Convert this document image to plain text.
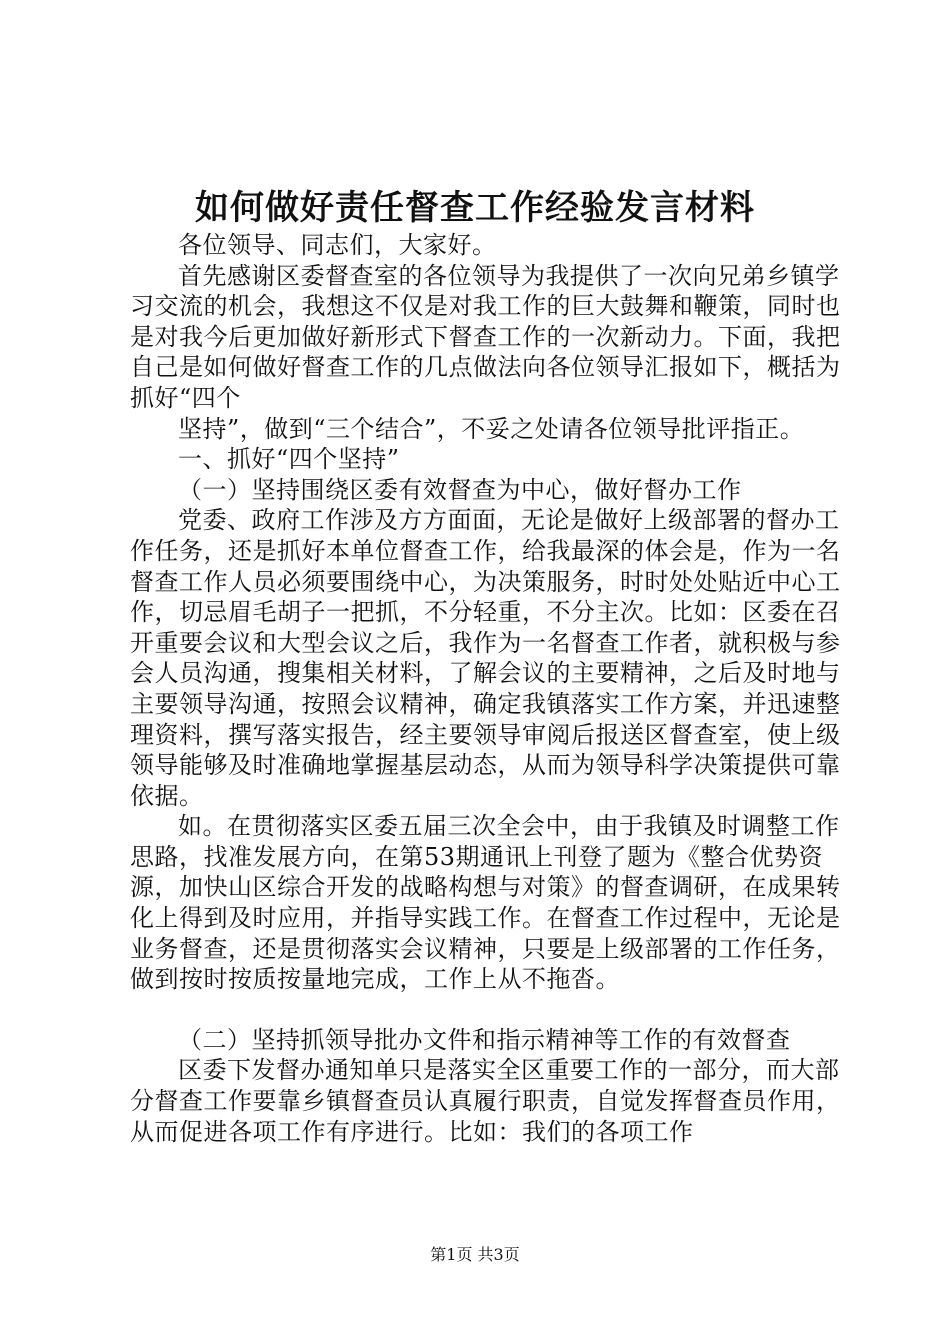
如何做好责任督查工作经验发言材料

各位领导、同志们，大家好。

首先感谢区委督查室的各位领导为我提供了一次向兄弟乡镇学习交流的机会，我想这不仅是对我工作的巨大鼓舞和鞭策，同时也是对我今后更加做好新形式下督查工作的一次新动力。下面，我把自己是如何做好督查工作的几点做法向各位领导汇报如下，概括为抓好“四个

坚持”，做到“三个结合”，不妥之处请各位领导批评指正。

一、抓好“四个坚持”

（一）坚持围绕区委有效督查为中心，做好督办工作

党委、政府工作涉及方方面面，无论是做好上级部署的督办工作任务，还是抓好本单位督查工作，给我最深的体会是，作为一名督查工作人员必须要围绕中心，为决策服务，时时处处贴近中心工作，切忌眉毛胡子一把抓，不分轻重，不分主次。比如：区委在召开重要会议和大型会议之后，我作为一名督查工作者，就积极与参会人员沟通，搜集相关材料，了解会议的主要精神，之后及时地与主要领导沟通，按照会议精神，确定我镇落实工作方案，并迅速整理资料，撰写落实报告，经主要领导审阅后报送区督查室，使上级领导能够及时准确地掌握基层动态，从而为领导科学决策提供可靠依据。

如。在贯彻落实区委五届三次全会中，由于我镇及时调整工作思路，找准发展方向，在第53期通讯上刊登了题为《整合优势资源，加快山区综合开发的战略构想与对策》的督查调研，在成果转化上得到及时应用，并指导实践工作。在督查工作过程中，无论是业务督查，还是贯彻落实会议精神，只要是上级部署的工作任务，做到按时按质按量地完成，工作上从不拖沓。

（二）坚持抓领导批办文件和指示精神等工作的有效督查

区委下发督办通知单只是落实全区重要工作的一部分，而大部分督查工作要靠乡镇督查员认真履行职责，自觉发挥督查员作用，从而促进各项工作有序进行。比如：我们的各项工作

第1页 共3页
